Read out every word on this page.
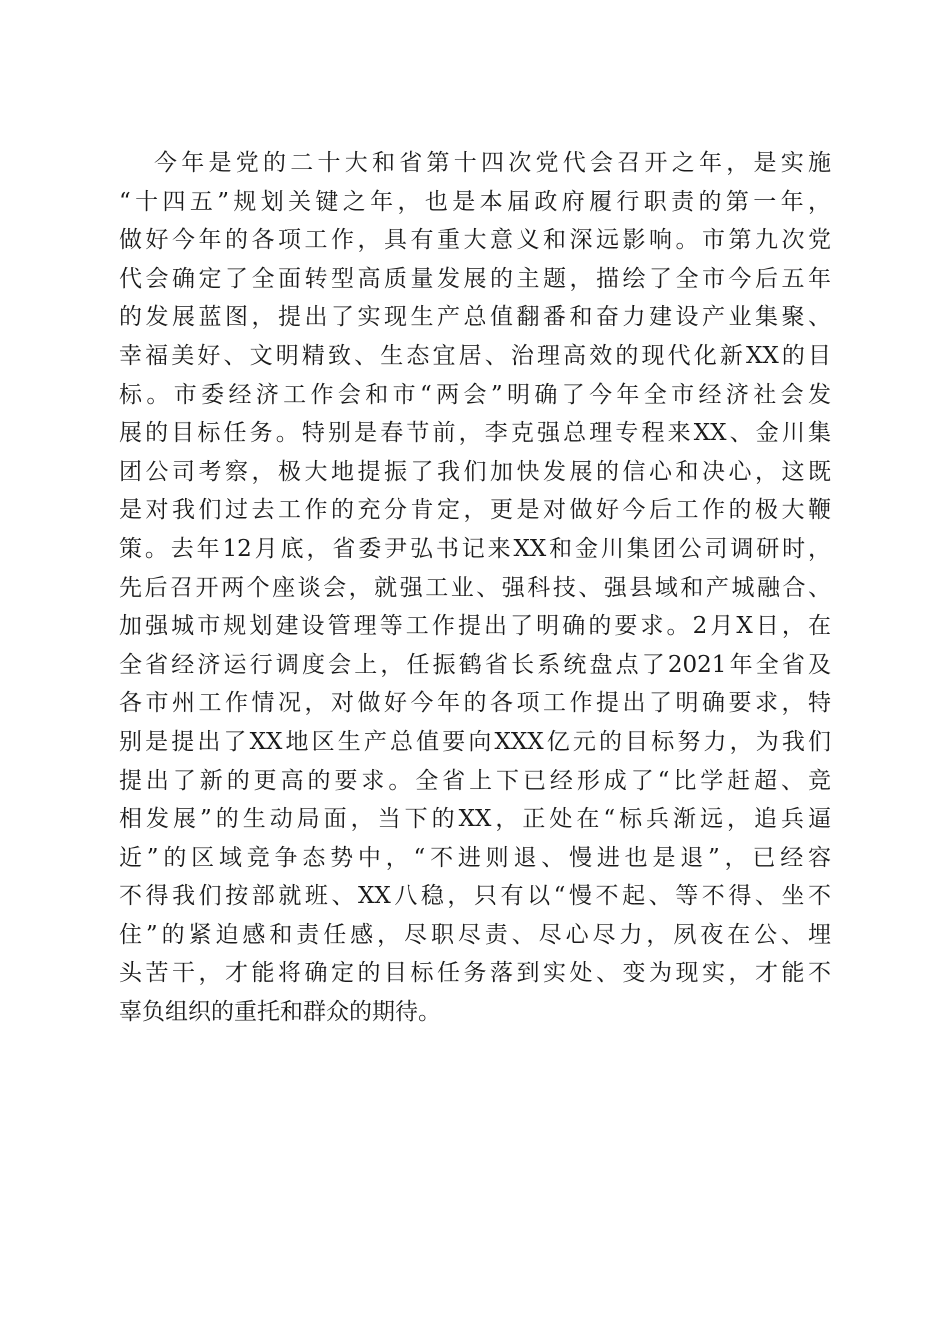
今年是党的二十大和省第十四次党代会召开之年，是实施
“十四五”规划关键之年，也是本届政府履行职责的第一年，
做好今年的各项工作，具有重大意义和深远影响。市第九次党
代会确定了全面转型高质量发展的主题，描绘了全市今后五年
的发展蓝图，提出了实现生产总值翻番和奋力建设产业集聚、
幸福美好、文明精致、生态宜居、治理高效的现代化新XX的目
标。市委经济工作会和市“两会”明确了今年全市经济社会发
展的目标任务。特别是春节前，李克强总理专程来XX、金川集
团公司考察，极大地提振了我们加快发展的信心和决心，这既
是对我们过去工作的充分肯定，更是对做好今后工作的极大鞭
策。去年12月底，省委尹弘书记来XX和金川集团公司调研时，
先后召开两个座谈会，就强工业、强科技、强县域和产城融合、
加强城市规划建设管理等工作提出了明确的要求。2月X日，在
全省经济运行调度会上，任振鹤省长系统盘点了2021年全省及
各市州工作情况，对做好今年的各项工作提出了明确要求，特
别是提出了XX地区生产总值要向XXX亿元的目标努力，为我们
提出了新的更高的要求。全省上下已经形成了“比学赶超、竞
相发展”的生动局面，当下的XX，正处在“标兵渐远，追兵逼
近”的区域竞争态势中，“不进则退、慢进也是退”，已经容
不得我们按部就班、XX八稳，只有以“慢不起、等不得、坐不
住”的紧迫感和责任感，尽职尽责、尽心尽力，夙夜在公、埋
头苦干，才能将确定的目标任务落到实处、变为现实，才能不
辜负组织的重托和群众的期待。
